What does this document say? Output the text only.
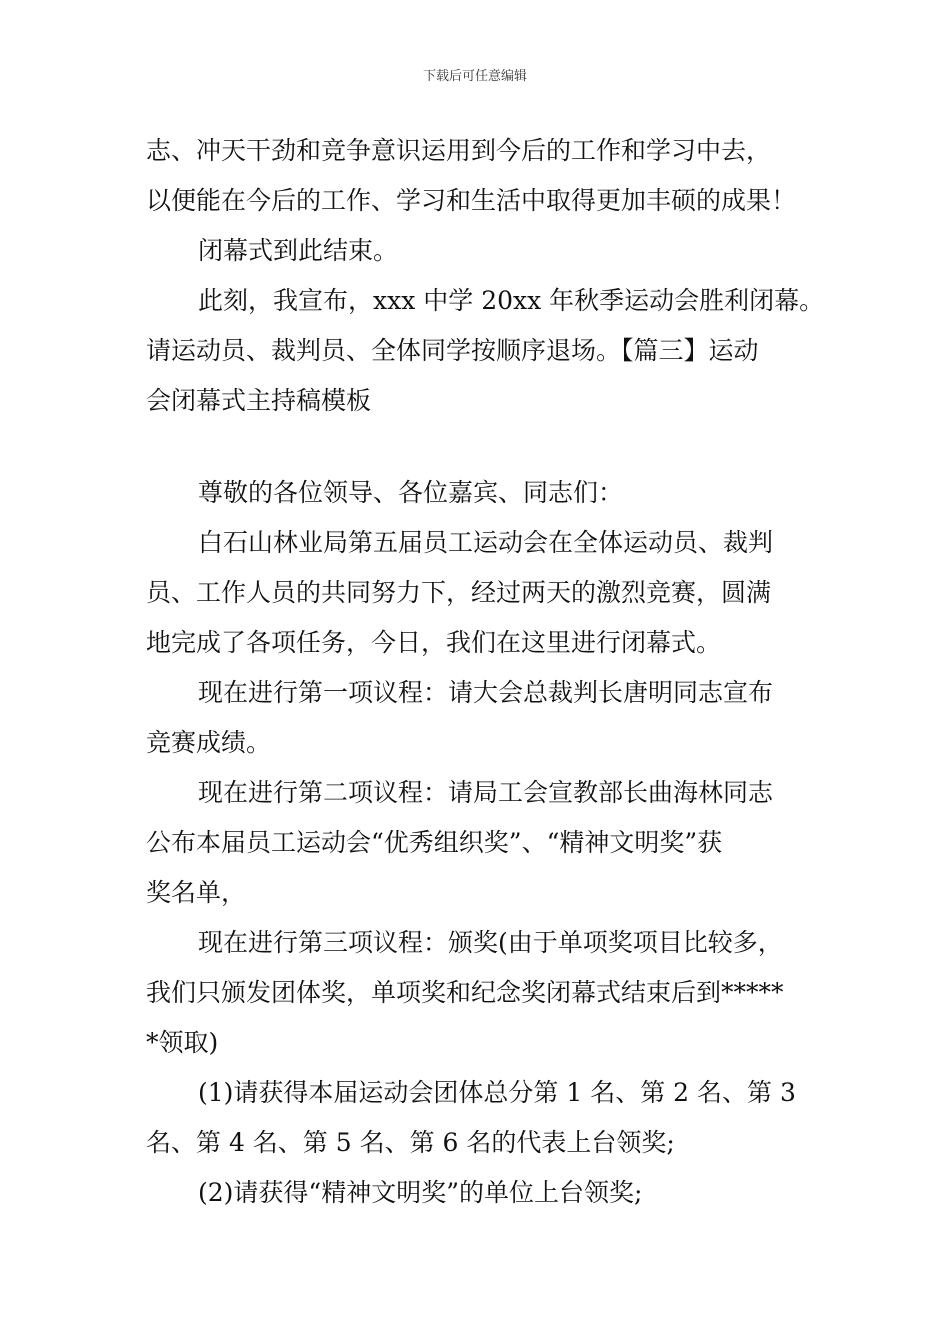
下载后可任意编辑
志、冲天干劲和竞争意识运用到今后的工作和学习中去，
以便能在今后的工作、学习和生活中取得更加丰硕的成果！
闭幕式到此结束。
此刻，我宣布，xxx 中学 20xx 年秋季运动会胜利闭幕。
请运动员、裁判员、全体同学按顺序退场。【篇三】运动
会闭幕式主持稿模板
尊敬的各位领导、各位嘉宾、同志们：
白石山林业局第五届员工运动会在全体运动员、裁判
员、工作人员的共同努力下，经过两天的激烈竞赛，圆满
地完成了各项任务，今日，我们在这里进行闭幕式。
现在进行第一项议程：请大会总裁判长唐明同志宣布
竞赛成绩。
现在进行第二项议程：请局工会宣教部长曲海林同志
公布本届员工运动会“优秀组织奖”、“精神文明奖”获
奖名单，
现在进行第三项议程：颁奖(由于单项奖项目比较多，
我们只颁发团体奖，单项奖和纪念奖闭幕式结束后到*****
*领取)
(1)请获得本届运动会团体总分第 1 名、第 2 名、第 3
名、第 4 名、第 5 名、第 6 名的代表上台领奖;
(2)请获得“精神文明奖”的单位上台领奖;
